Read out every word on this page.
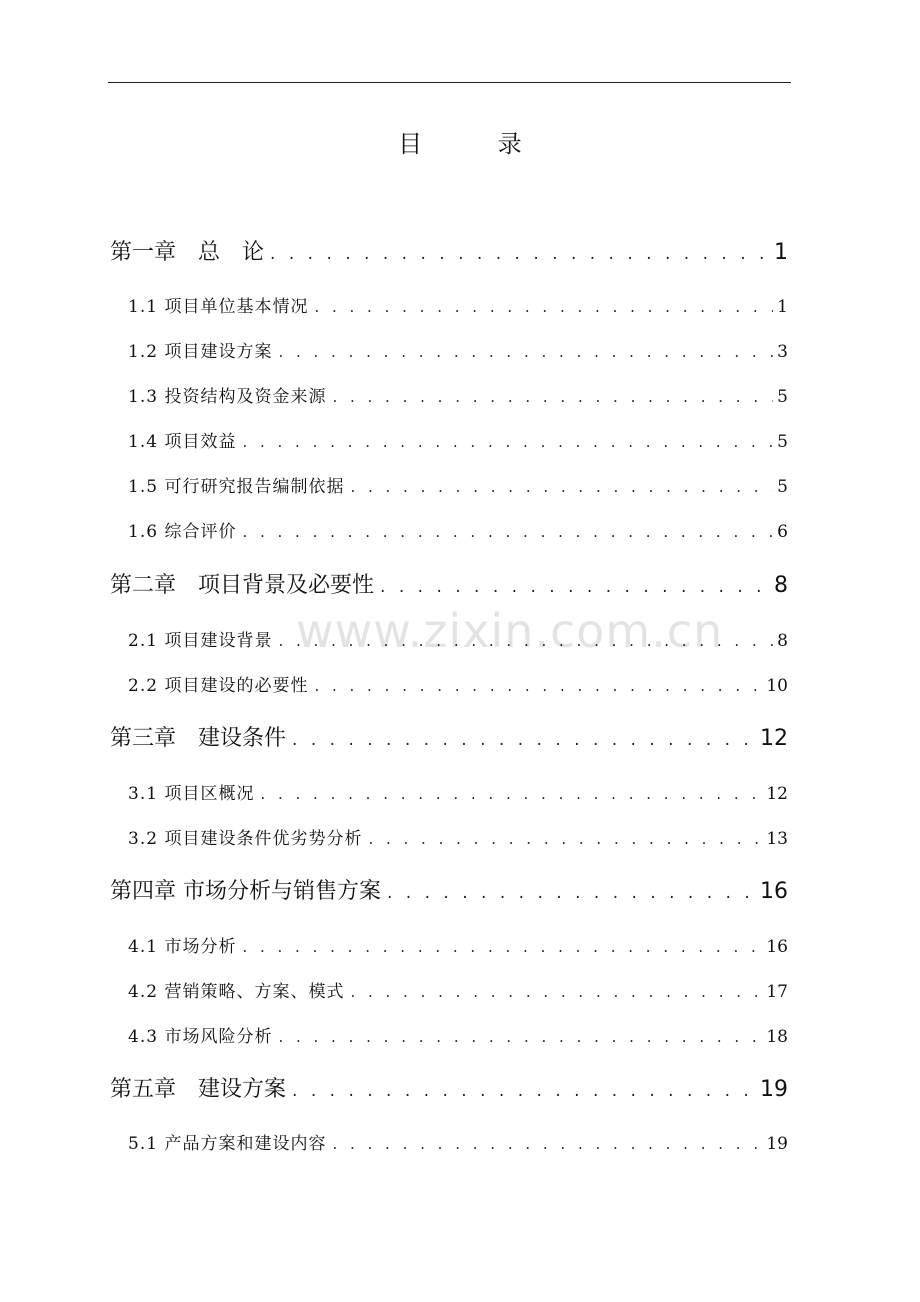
目 录
第一章　总　论 . . .	1
1.1 项目单位基本情况 . . .	1
1.2 项目建设方案 . . .	3
1.3 投资结构及资金来源 . . .	5
1.4 项目效益 . . .	5
1.5 可行研究报告编制依据 . . .	5
1.6 综合评价 . . .	6
第二章　项目背景及必要性 . . .	8
2.1 项目建设背景 . . .	8
2.2 项目建设的必要性 . . .	10
第三章　建设条件 . . .	12
3.1 项目区概况 . . .	12
3.2 项目建设条件优劣势分析 . . .	13
第四章 市场分析与销售方案 . . .	16
4.1 市场分析 . . .	16
4.2 营销策略、方案、模式 . . .	17
4.3 市场风险分析 . . .	18
第五章　建设方案 . . .	19
5.1 产品方案和建设内容 . . .	19
www.zixin.com.cn
